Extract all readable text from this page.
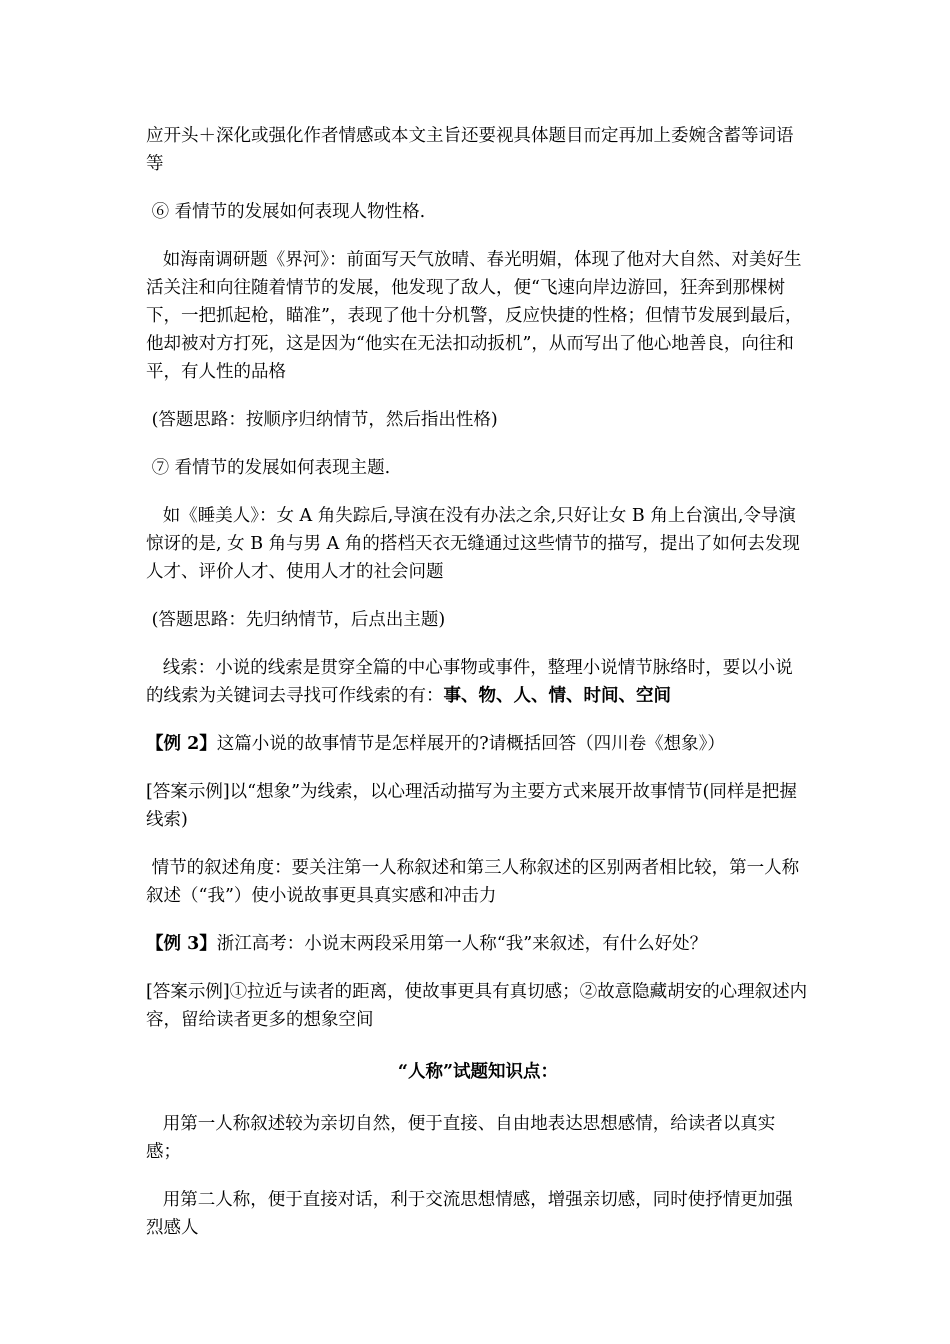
应开头＋深化或强化作者情感或本文主旨还要视具体题目而定再加上委婉含蓄等词语等

⑥ 看情节的发展如何表现人物性格.

如海南调研题《界河》：前面写天气放晴、春光明媚，体现了他对大自然、对美好生活关注和向往随着情节的发展，他发现了敌人，便“飞速向岸边游回，狂奔到那棵树下，一把抓起枪，瞄准”，表现了他十分机警，反应快捷的性格；但情节发展到最后，他却被对方打死，这是因为“他实在无法扣动扳机”，从而写出了他心地善良，向往和平，有人性的品格

(答题思路：按顺序归纳情节，然后指出性格)

⑦ 看情节的发展如何表现主题.

如《睡美人》：女 A 角失踪后,导演在没有办法之余,只好让女 B 角上台演出,令导演惊讶的是, 女 B 角与男 A 角的搭档天衣无缝通过这些情节的描写，提出了如何去发现人才、评价人才、使用人才的社会问题

(答题思路：先归纳情节，后点出主题)

线索：小说的线索是贯穿全篇的中心事物或事件，整理小说情节脉络时，要以小说的线索为关键词去寻找可作线索的有：事、物、人、情、时间、空间

【例 2】这篇小说的故事情节是怎样展开的?请概括回答（四川卷《想象》）

[答案示例]以“想象”为线索，以心理活动描写为主要方式来展开故事情节(同样是把握线索)

情节的叙述角度：要关注第一人称叙述和第三人称叙述的区别两者相比较，第一人称叙述（“我”）使小说故事更具真实感和冲击力

【例 3】浙江高考：小说末两段采用第一人称“我”来叙述，有什么好处？

[答案示例]①拉近与读者的距离，使故事更具有真切感；②故意隐藏胡安的心理叙述内容，留给读者更多的想象空间

“人称”试题知识点：

用第一人称叙述较为亲切自然，便于直接、自由地表达思想感情，给读者以真实感；

用第二人称，便于直接对话，利于交流思想情感，增强亲切感，同时使抒情更加强烈感人
